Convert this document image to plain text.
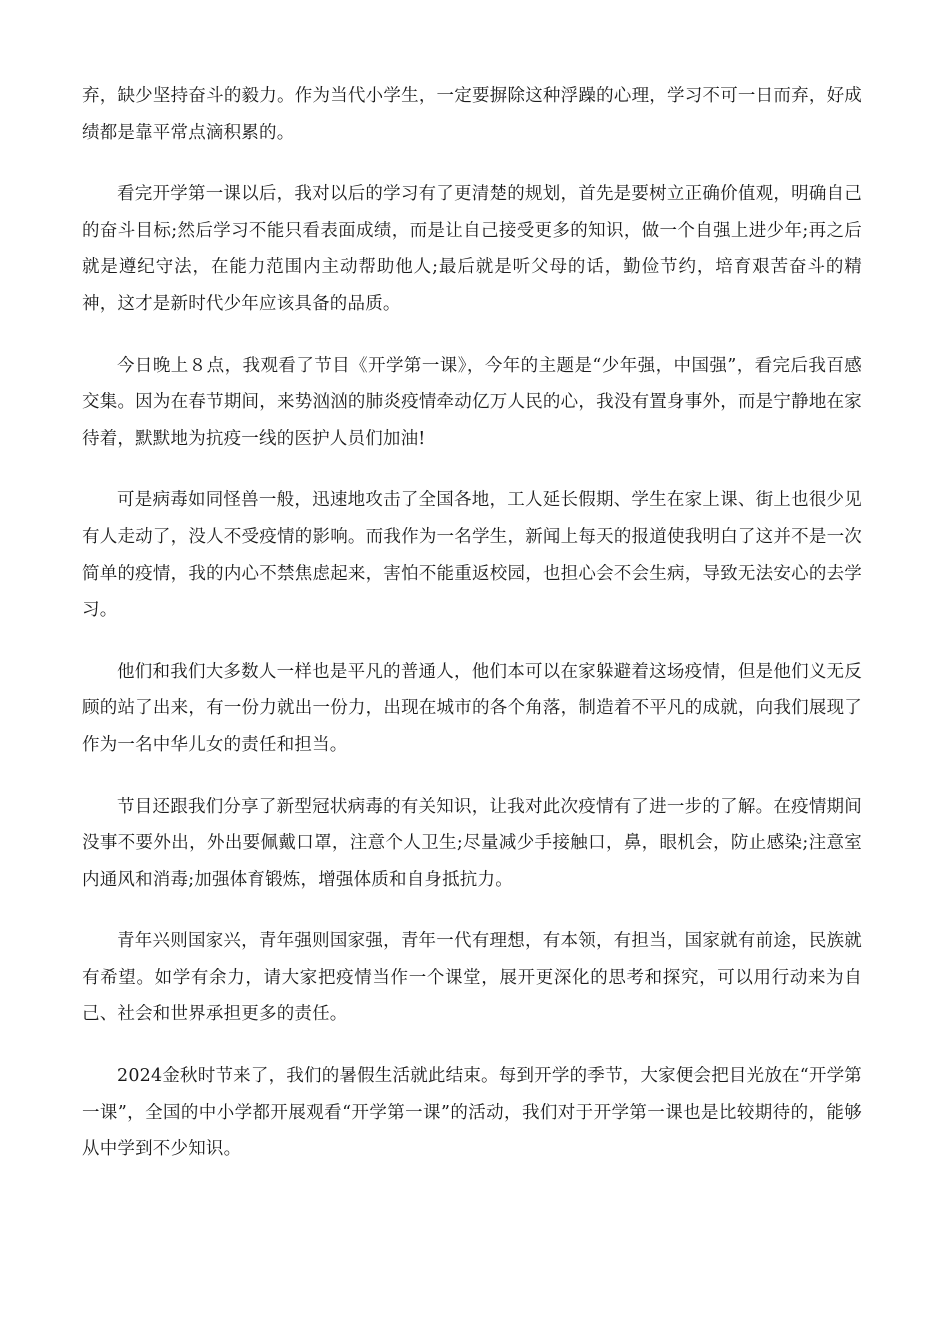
弃，缺少坚持奋斗的毅力。作为当代小学生，一定要摒除这种浮躁的心理，学习不可一日而弃，好成绩都是靠平常点滴积累的。

看完开学第一课以后，我对以后的学习有了更清楚的规划，首先是要树立正确价值观，明确自己的奋斗目标;然后学习不能只看表面成绩，而是让自己接受更多的知识，做一个自强上进少年;再之后就是遵纪守法，在能力范围内主动帮助他人;最后就是听父母的话，勤俭节约，培育艰苦奋斗的精神，这才是新时代少年应该具备的品质。

今日晚上８点，我观看了节目《开学第一课》，今年的主题是“少年强，中国强”，看完后我百感交集。因为在春节期间，来势汹汹的肺炎疫情牵动亿万人民的心，我没有置身事外，而是宁静地在家待着，默默地为抗疫一线的医护人员们加油!

可是病毒如同怪兽一般，迅速地攻击了全国各地，工人延长假期、学生在家上课、街上也很少见有人走动了，没人不受疫情的影响。而我作为一名学生，新闻上每天的报道使我明白了这并不是一次简单的疫情，我的内心不禁焦虑起来，害怕不能重返校园，也担心会不会生病，导致无法安心的去学习。

他们和我们大多数人一样也是平凡的普通人，他们本可以在家躲避着这场疫情，但是他们义无反顾的站了出来，有一份力就出一份力，出现在城市的各个角落，制造着不平凡的成就，向我们展现了作为一名中华儿女的责任和担当。

节目还跟我们分享了新型冠状病毒的有关知识，让我对此次疫情有了进一步的了解。在疫情期间没事不要外出，外出要佩戴口罩，注意个人卫生;尽量减少手接触口，鼻，眼机会，防止感染;注意室内通风和消毒;加强体育锻炼，增强体质和自身抵抗力。

青年兴则国家兴，青年强则国家强，青年一代有理想，有本领，有担当，国家就有前途，民族就有希望。如学有余力，请大家把疫情当作一个课堂，展开更深化的思考和探究，可以用行动来为自己、社会和世界承担更多的责任。

2024金秋时节来了，我们的暑假生活就此结束。每到开学的季节，大家便会把目光放在“开学第一课”，全国的中小学都开展观看“开学第一课”的活动，我们对于开学第一课也是比较期待的，能够从中学到不少知识。
